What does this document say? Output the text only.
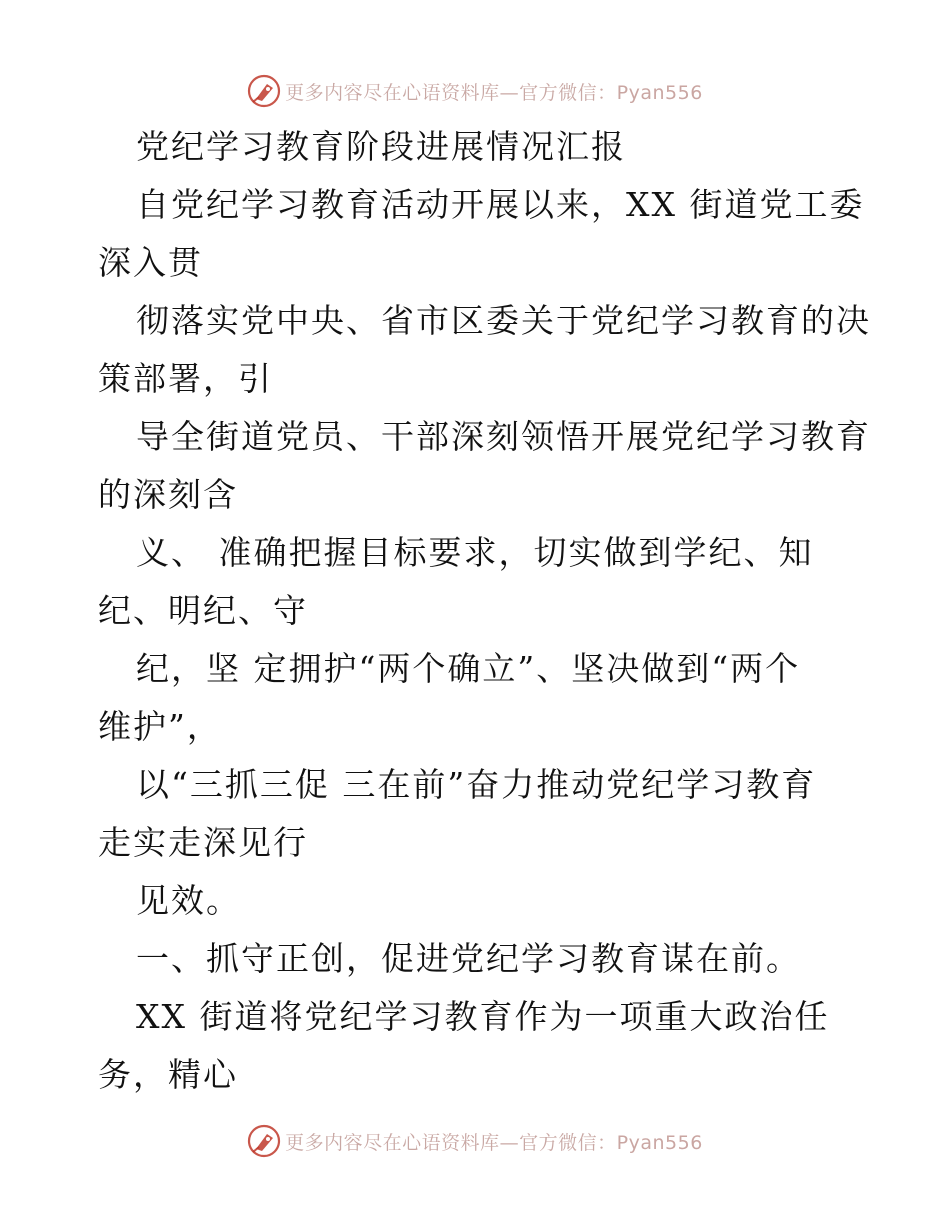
更多内容尽在心语资料库—官方微信：Pyan556
党纪学习教育阶段进展情况汇报
自党纪学习教育活动开展以来，XX 街道党工委
深入贯
彻落实党中央、省市区委关于党纪学习教育的决
策部署，引
导全街道党员、干部深刻领悟开展党纪学习教育
的深刻含
义、 准确把握目标要求，切实做到学纪、知
纪、明纪、守
纪，坚 定拥护“两个确立”、坚决做到“两个
维护”，
以“三抓三促 三在前”奋力推动党纪学习教育
走实走深见行
见效。
一、抓守正创，促进党纪学习教育谋在前。
XX 街道将党纪学习教育作为一项重大政治任
务，精心
更多内容尽在心语资料库—官方微信：Pyan556
